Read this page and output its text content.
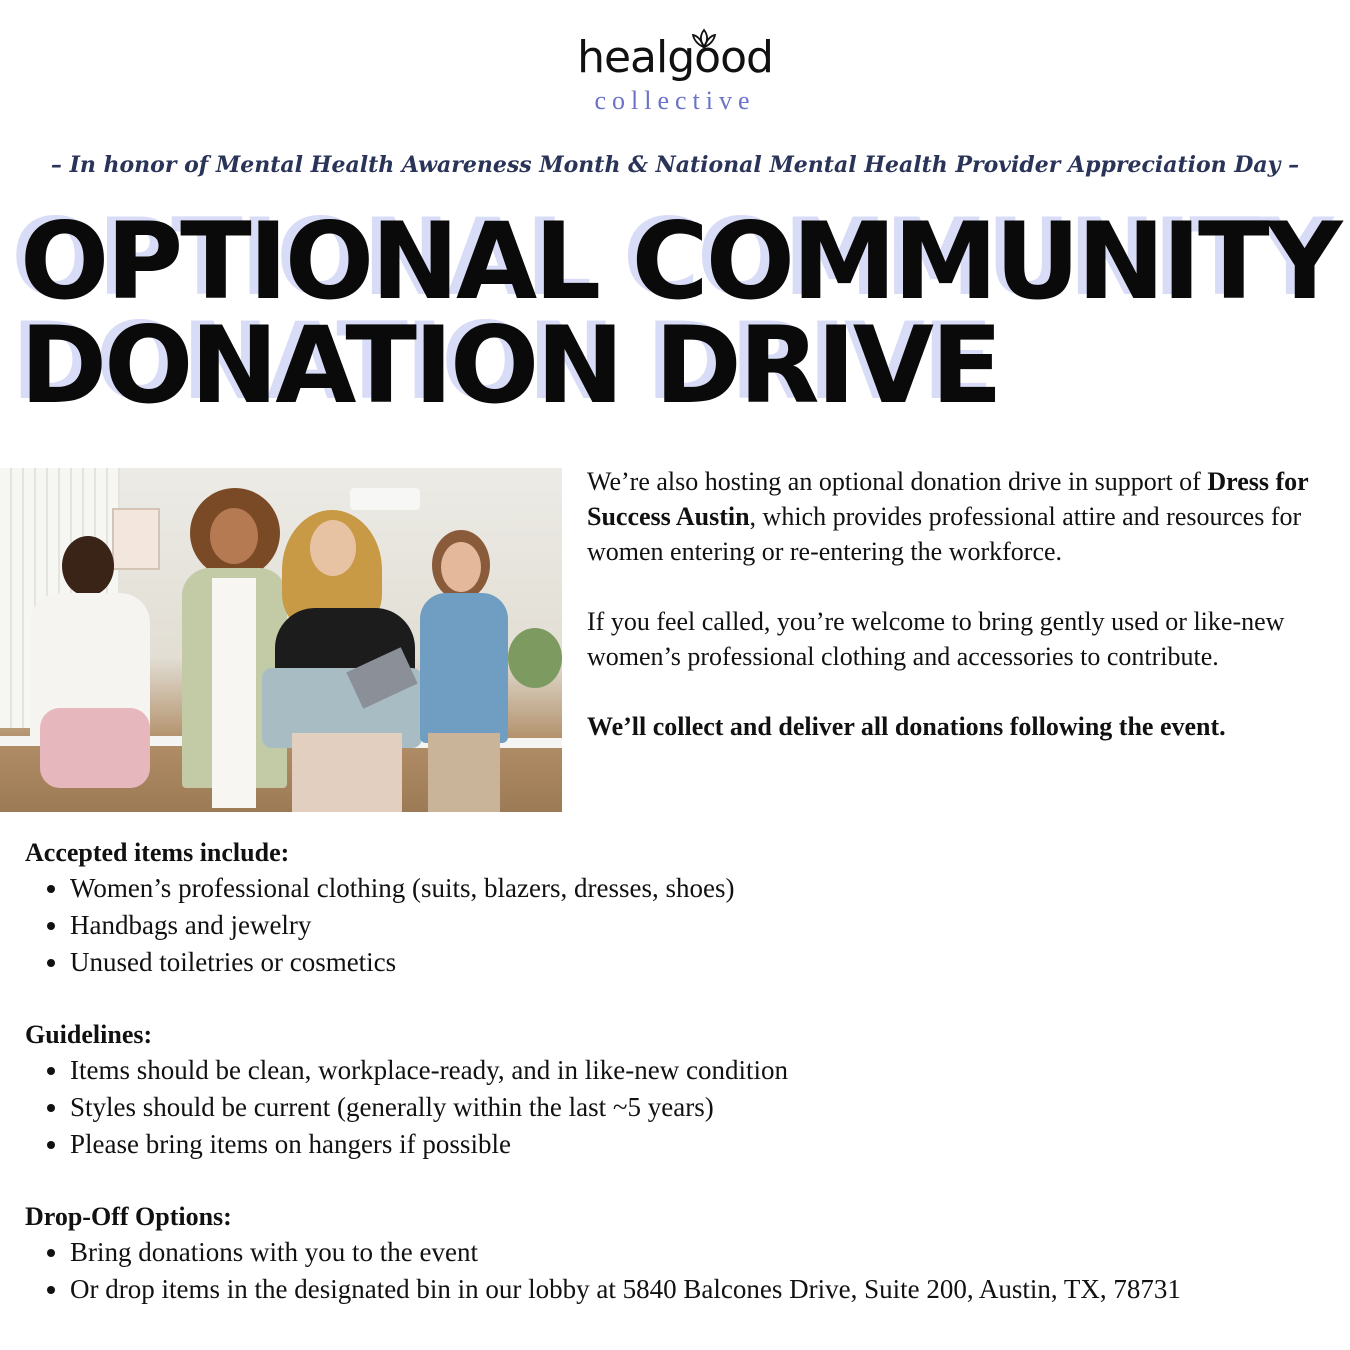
healgood
collective
– In honor of Mental Health Awareness Month & National Mental Health Provider Appreciation Day –
OPTIONAL COMMUNITY
DONATION DRIVE

We’re also hosting an optional donation drive in support of Dress for Success Austin, which provides professional attire and resources for women entering or re-entering the workforce.

If you feel called, you’re welcome to bring gently used or like-new women’s professional clothing and accessories to contribute.

We’ll collect and deliver all donations following the event.

Accepted items include:
• Women’s professional clothing (suits, blazers, dresses, shoes)
• Handbags and jewelry
• Unused toiletries or cosmetics
Guidelines:
• Items should be clean, workplace-ready, and in like-new condition
• Styles should be current (generally within the last ~5 years)
• Please bring items on hangers if possible
Drop-Off Options:
• Bring donations with you to the event
• Or drop items in the designated bin in our lobby at 5840 Balcones Drive, Suite 200, Austin, TX, 78731
